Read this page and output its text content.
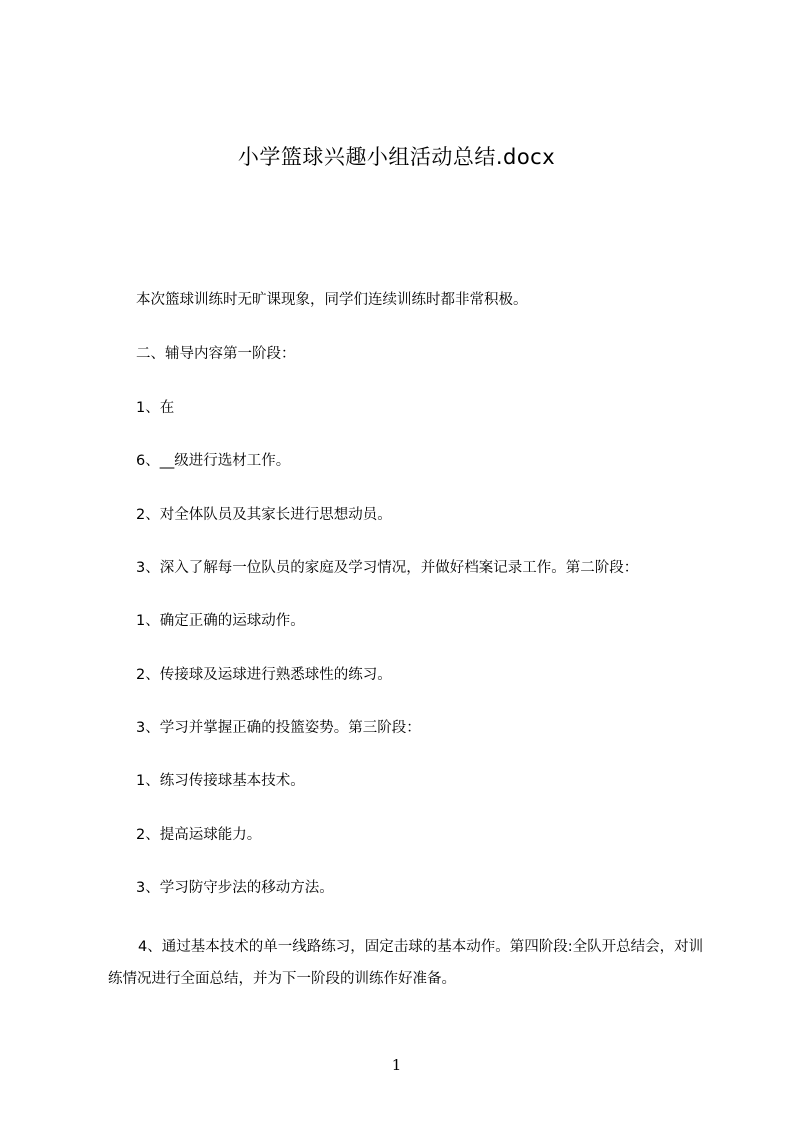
小学篮球兴趣小组活动总结.docx
本次篮球训练时无旷课现象，同学们连续训练时都非常积极。
二、辅导内容第一阶段：
1、在
6、__级进行选材工作。
2、对全体队员及其家长进行思想动员。
3、深入了解每一位队员的家庭及学习情况，并做好档案记录工作。第二阶段：
1、确定正确的运球动作。
2、传接球及运球进行熟悉球性的练习。
3、学习并掌握正确的投篮姿势。第三阶段：
1、练习传接球基本技术。
2、提高运球能力。
3、学习防守步法的移动方法。
4、通过基本技术的单一线路练习，固定击球的基本动作。第四阶段:全队开总结会，对训练情况进行全面总结，并为下一阶段的训练作好准备。
1
